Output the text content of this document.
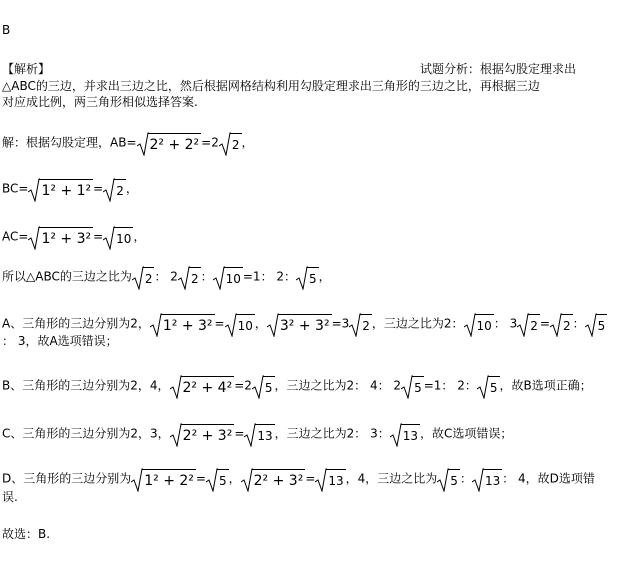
B
【解析】	试题分析：根据勾股定理求出
△ABC的三边，并求出三边之比，然后根据网格结构利用勾股定理求出三角形的三边之比，再根据三边
对应成比例，两三角形相似选择答案.
解：根据勾股定理，AB= 2² + 2² =2 2 ，
BC= 1² + 1² = 2 ，
AC= 1² + 3² = 10 ，
所以△ABC的三边之比为 2 ： 2 2 ： 10 =1： 2： 5 ，
A、三角形的三边分别为2， 1² + 3² = 10 ， 3² + 3² =3 2 ，三边之比为2： 10 ： 3 2 = 2 ： 5
： 3，故A选项错误；
B、三角形的三边分别为2，4， 2² + 4² =2 5 ，三边之比为2： 4： 2 5 =1： 2： 5 ，故B选项正确；
C、三角形的三边分别为2，3， 2² + 3² = 13 ，三边之比为2： 3： 13 ，故C选项错误；
D、三角形的三边分别为 1² + 2² = 5 ， 2² + 3² = 13 ，4，三边之比为 5 ： 13 ： 4，故D选项错
误.
故选：B.
